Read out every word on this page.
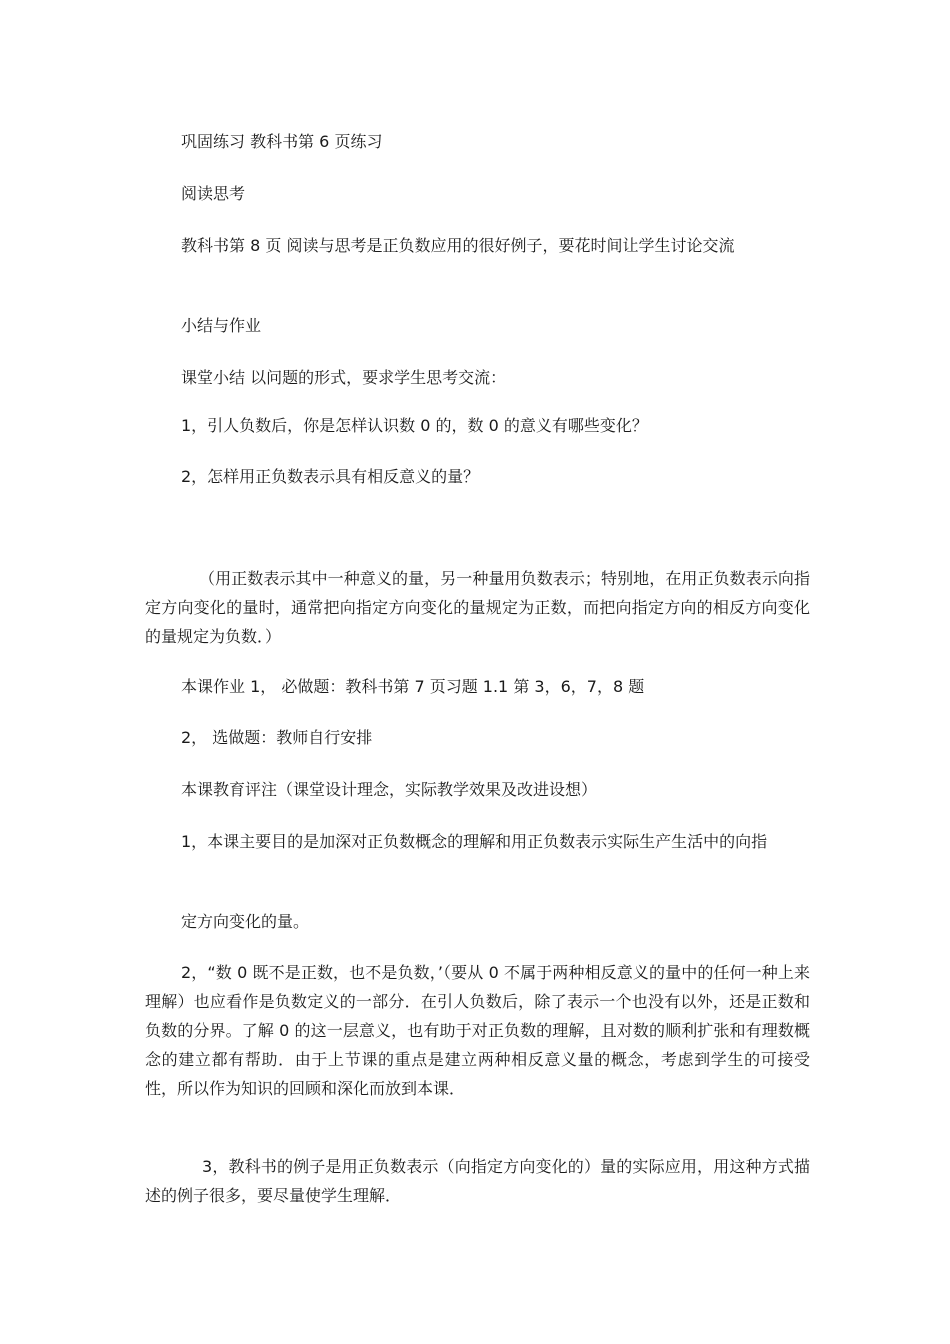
巩固练习 教科书第 6 页练习

阅读思考

教科书第 8 页 阅读与思考是正负数应用的很好例子，要花时间让学生讨论交流

小结与作业

课堂小结 以问题的形式，要求学生思考交流：

1，引人负数后，你是怎样认识数 0 的，数 0 的意义有哪些变化？

2，怎样用正负数表示具有相反意义的量？

（用正数表示其中一种意义的量，另一种量用负数表示；特别地，在用正负数表示向指定方向变化的量时，通常把向指定方向变化的量规定为正数，而把向指定方向的相反方向变化的量规定为负数．）

本课作业 1， 必做题：教科书第 7 页习题 1.1 第 3，6，7，8 题

2， 选做题：教师自行安排

本课教育评注（课堂设计理念，实际教学效果及改进设想）

1，本课主要目的是加深对正负数概念的理解和用正负数表示实际生产生活中的向指

定方向变化的量。

2，“数 0 既不是正数，也不是负数，’（要从 0 不属于两种相反意义的量中的任何一种上来理解）也应看作是负数定义的一部分．在引人负数后，除了表示一个也没有以外，还是正数和负数的分界。了解 0 的这一层意义，也有助于对正负数的理解，且对数的顺利扩张和有理数概念的建立都有帮助．由于上节课的重点是建立两种相反意义量的概念，考虑到学生的可接受性，所以作为知识的回顾和深化而放到本课．

3，教科书的例子是用正负数表示（向指定方向变化的）量的实际应用，用这种方式描述的例子很多，要尽量使学生理解．
